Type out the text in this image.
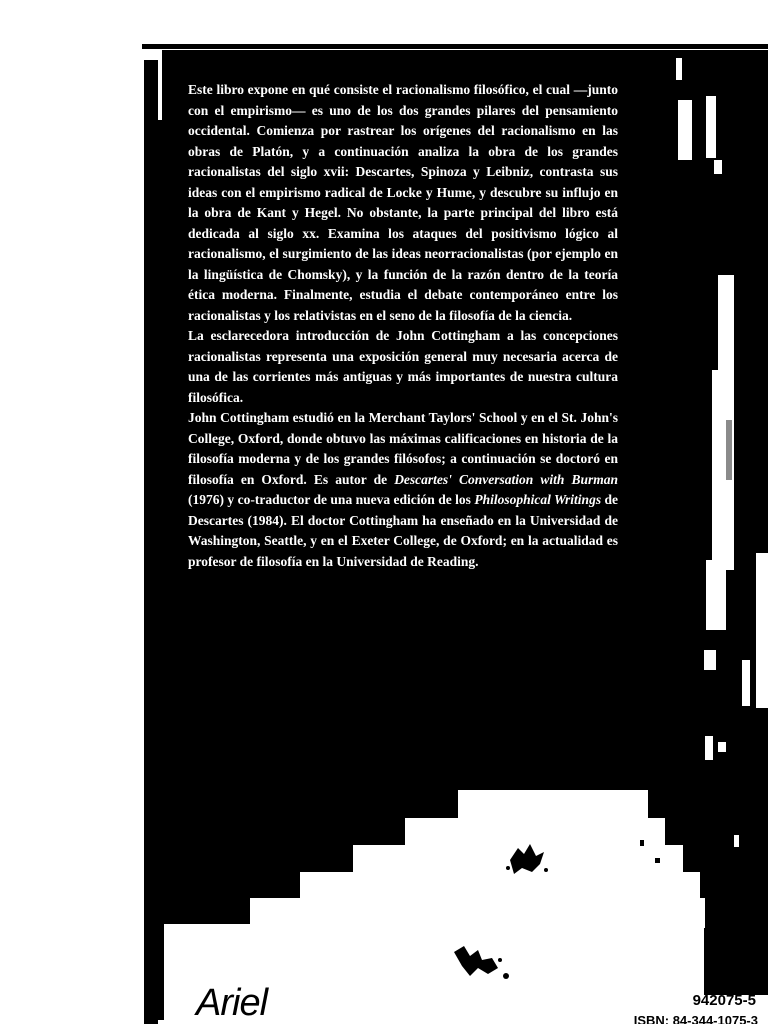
Este libro expone en qué consiste el racionalismo filosófico, el cual —junto con el empirismo— es uno de los dos grandes pilares del pensamiento occidental. Comienza por rastrear los orígenes del racionalismo en las obras de Platón, y a continuación analiza la obra de los grandes racionalistas del siglo xvii: Descartes, Spinoza y Leibniz, contrasta sus ideas con el empirismo radical de Locke y Hume, y descubre su influjo en la obra de Kant y Hegel. No obstante, la parte principal del libro está dedicada al siglo xx. Examina los ataques del positivismo lógico al racionalismo, el surgimiento de las ideas neorracionalistas (por ejemplo en la lingüística de Chomsky), y la función de la razón dentro de la teoría ética moderna. Finalmente, estudia el debate contemporáneo entre los racionalistas y los relativistas en el seno de la filosofía de la ciencia.

La esclarecedora introducción de John Cottingham a las concepciones racionalistas representa una exposición general muy necesaria acerca de una de las corrientes más antiguas y más importantes de nuestra cultura filosófica.

John Cottingham estudió en la Merchant Taylors' School y en el St. John's College, Oxford, donde obtuvo las máximas calificaciones en historia de la filosofía moderna y de los grandes filósofos; a continuación se doctoró en filosofía en Oxford. Es autor de Descartes' Conversation with Burman (1976) y co-traductor de una nueva edición de los Philosophical Writings de Descartes (1984). El doctor Cottingham ha enseñado en la Universidad de Washington, Seattle, y en el Exeter College, de Oxford; en la actualidad es profesor de filosofía en la Universidad de Reading.

Ariel	942075-5
ISBN: 84-344-1075-3
